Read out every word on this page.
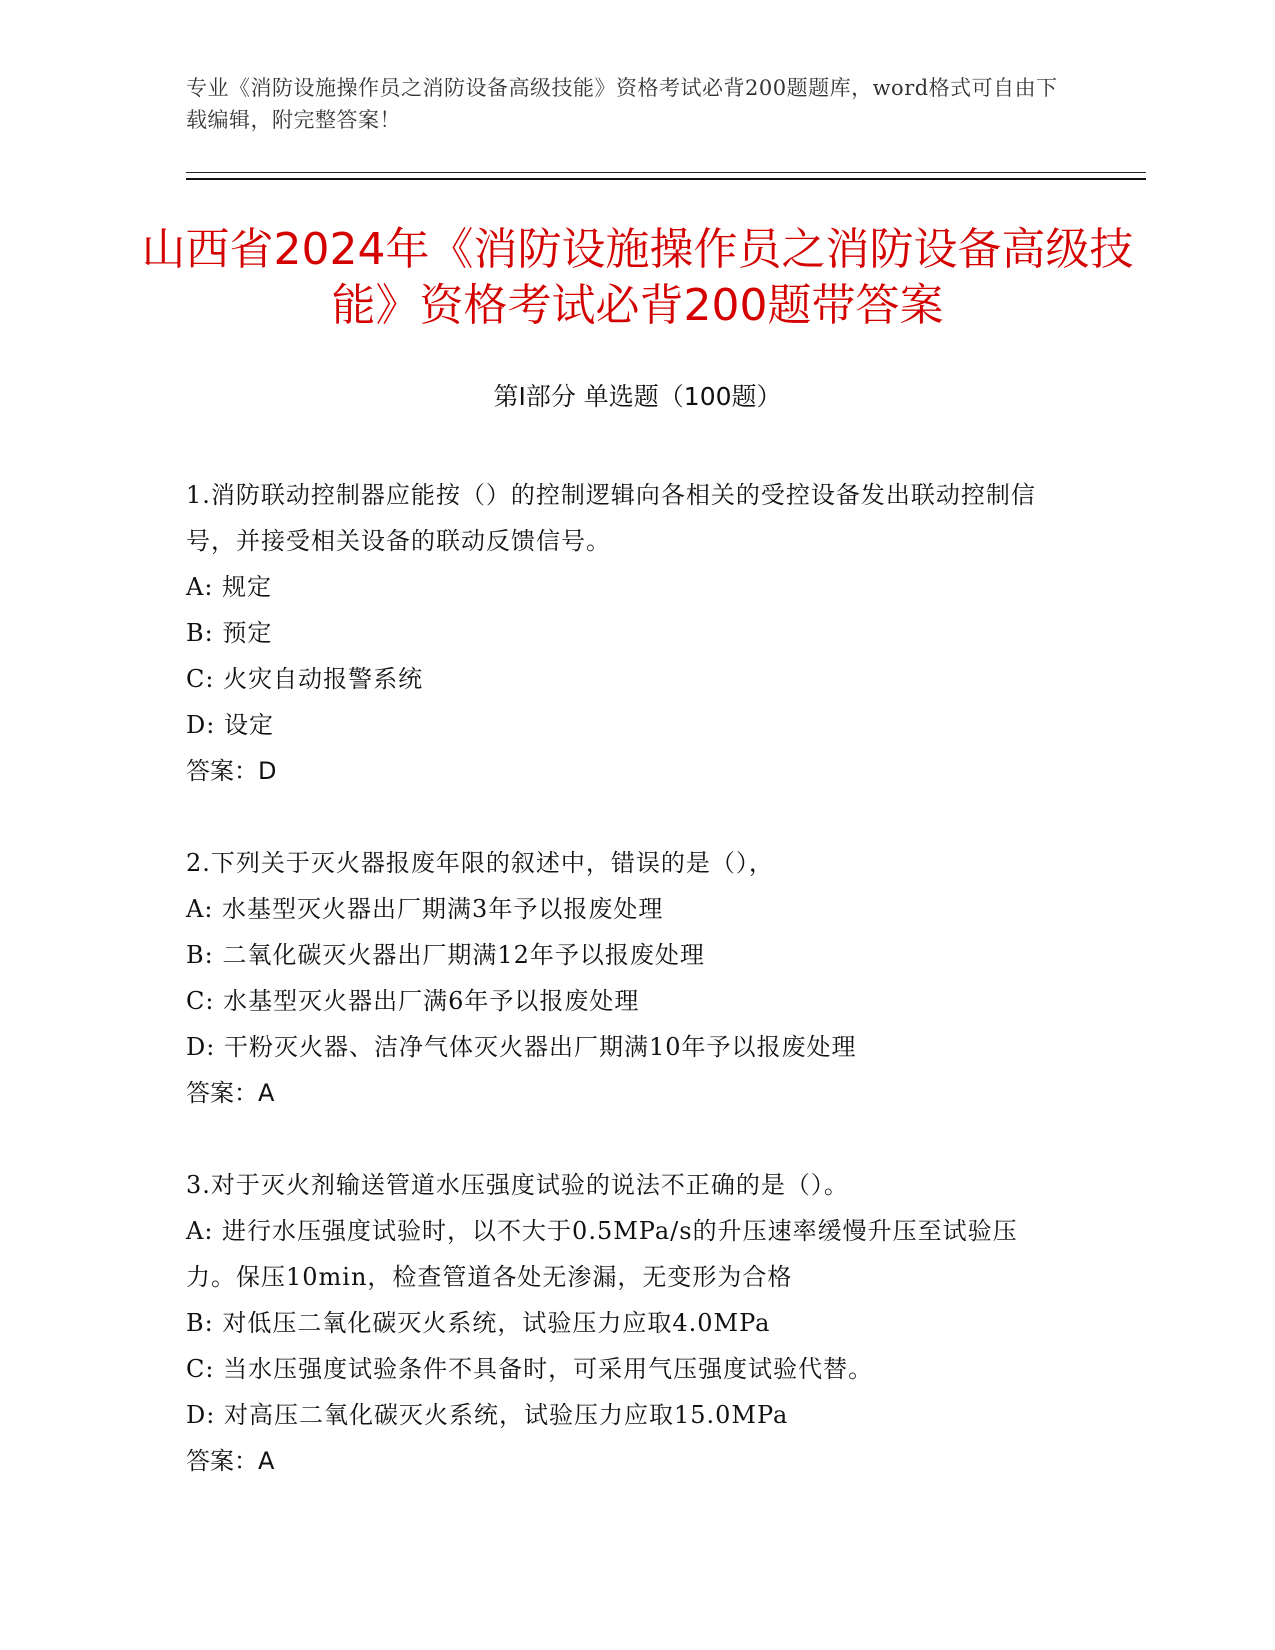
专业《消防设施操作员之消防设备高级技能》资格考试必背200题题库，word格式可自由下载编辑，附完整答案！
山西省2024年《消防设施操作员之消防设备高级技能》资格考试必背200题带答案
第Ⅰ部分 单选题（100题）
1.消防联动控制器应能按（）的控制逻辑向各相关的受控设备发出联动控制信号，并接受相关设备的联动反馈信号。
A: 规定
B: 预定
C: 火灾自动报警系统
D: 设定
答案：D
2.下列关于灭火器报废年限的叙述中，错误的是（），
A: 水基型灭火器出厂期满3年予以报废处理
B: 二氧化碳灭火器出厂期满12年予以报废处理
C: 水基型灭火器出厂满6年予以报废处理
D: 干粉灭火器、洁净气体灭火器出厂期满10年予以报废处理
答案：A
3.对于灭火剂输送管道水压强度试验的说法不正确的是（）。
A: 进行水压强度试验时，以不大于0.5MPa/s的升压速率缓慢升压至试验压力。保压10min，检查管道各处无渗漏，无变形为合格
B: 对低压二氧化碳灭火系统，试验压力应取4.0MPa
C: 当水压强度试验条件不具备时，可采用气压强度试验代替。
D: 对高压二氧化碳灭火系统，试验压力应取15.0MPa
答案：A
